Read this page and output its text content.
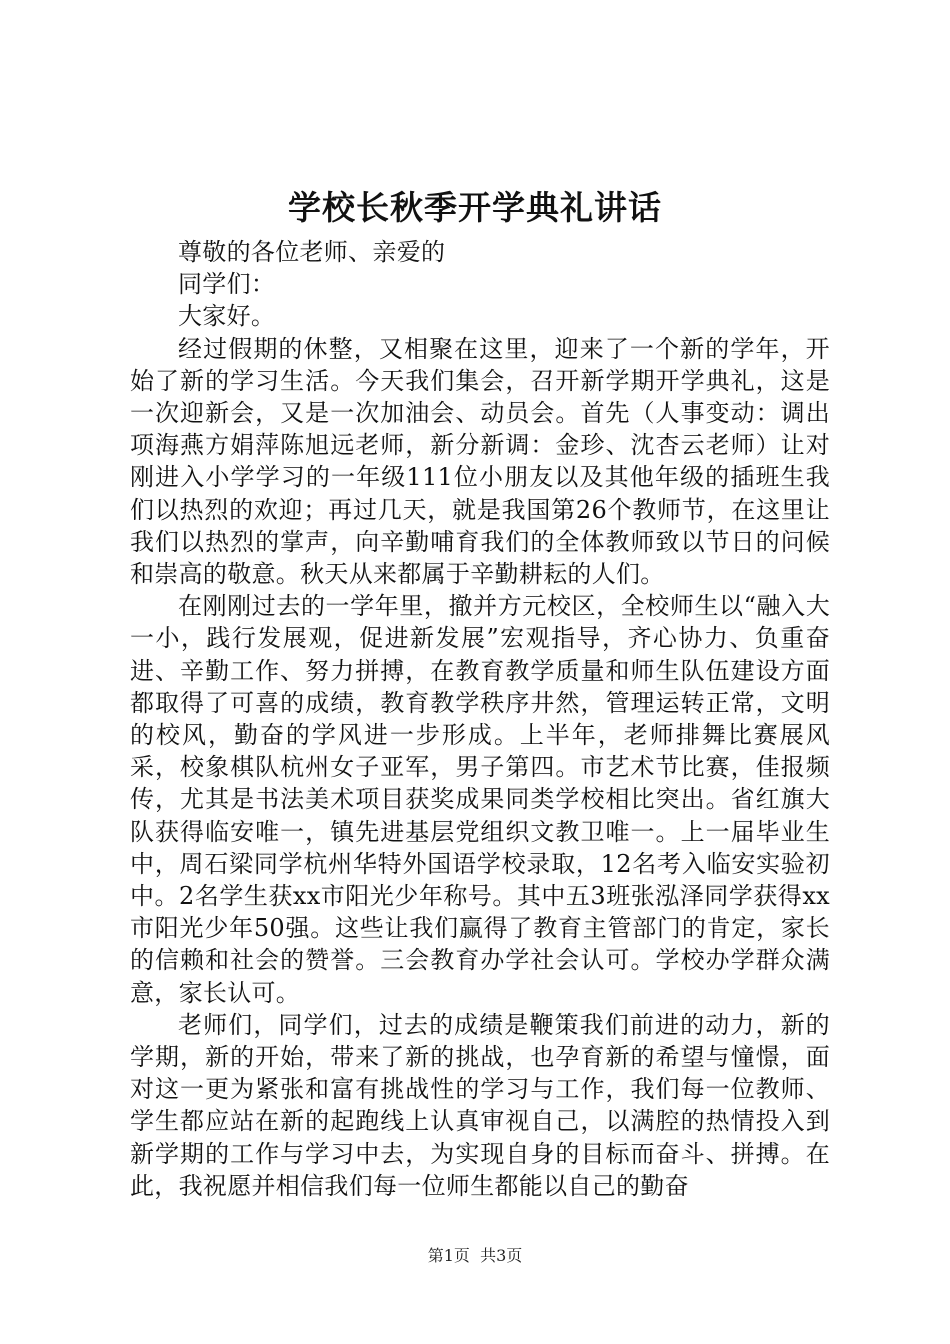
学校长秋季开学典礼讲话

尊敬的各位老师、亲爱的

同学们：

大家好。

经过假期的休整，又相聚在这里，迎来了一个新的学年，开始了新的学习生活。今天我们集会，召开新学期开学典礼，这是一次迎新会，又是一次加油会、动员会。首先（人事变动：调出项海燕方娟萍陈旭远老师，新分新调：金珍、沈杏云老师）让对刚进入小学学习的一年级111位小朋友以及其他年级的插班生我们以热烈的欢迎；再过几天，就是我国第26个教师节，在这里让我们以热烈的掌声，向辛勤哺育我们的全体教师致以节日的问候和崇高的敬意。秋天从来都属于辛勤耕耘的人们。

在刚刚过去的一学年里，撤并方元校区，全校师生以“融入大一小，践行发展观，促进新发展”宏观指导，齐心协力、负重奋进、辛勤工作、努力拼搏，在教育教学质量和师生队伍建设方面都取得了可喜的成绩，教育教学秩序井然，管理运转正常，文明的校风，勤奋的学风进一步形成。上半年，老师排舞比赛展风采，校象棋队杭州女子亚军，男子第四。市艺术节比赛，佳报频传，尤其是书法美术项目获奖成果同类学校相比突出。省红旗大队获得临安唯一，镇先进基层党组织文教卫唯一。上一届毕业生中，周石梁同学杭州华特外国语学校录取，12名考入临安实验初中。2名学生获xx市阳光少年称号。其中五3班张泓泽同学获得xx市阳光少年50强。这些让我们赢得了教育主管部门的肯定，家长的信赖和社会的赞誉。三会教育办学社会认可。学校办学群众满意，家长认可。

老师们，同学们，过去的成绩是鞭策我们前进的动力，新的学期，新的开始，带来了新的挑战，也孕育新的希望与憧憬，面对这一更为紧张和富有挑战性的学习与工作，我们每一位教师、学生都应站在新的起跑线上认真审视自己，以满腔的热情投入到新学期的工作与学习中去，为实现自身的目标而奋斗、拼搏。在此，我祝愿并相信我们每一位师生都能以自己的勤奋

第1页  共3页
